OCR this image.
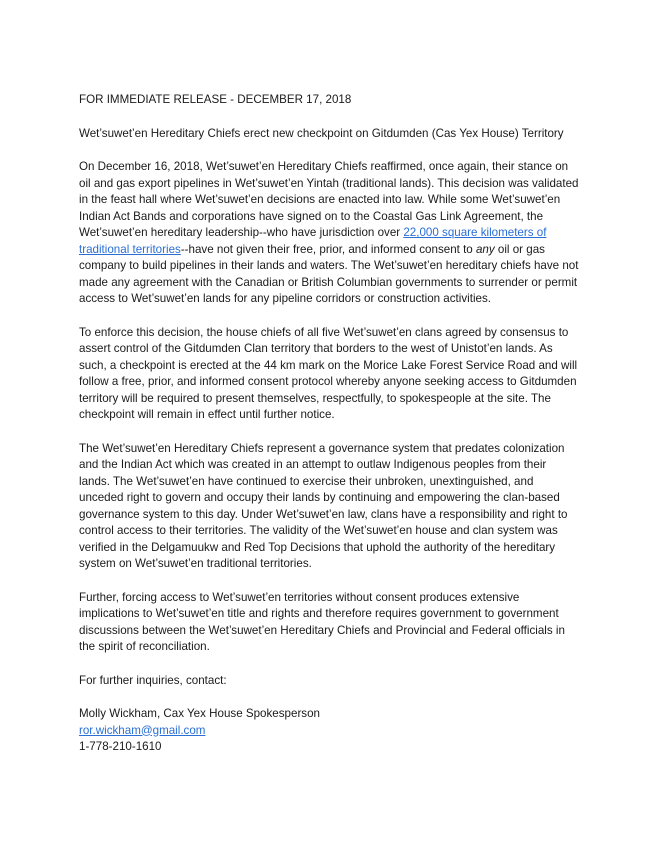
FOR IMMEDIATE RELEASE - DECEMBER 17, 2018

Wet’suwet’en Hereditary Chiefs erect new checkpoint on Gitdumden (Cas Yex House) Territory

On December 16, 2018, Wet’suwet’en Hereditary Chiefs reaffirmed, once again, their stance on oil and gas export pipelines in Wet’suwet’en Yintah (traditional lands). This decision was validated in the feast hall where Wet’suwet’en decisions are enacted into law. While some Wet’suwet’en Indian Act Bands and corporations have signed on to the Coastal Gas Link Agreement, the Wet’suwet’en hereditary leadership--who have jurisdiction over 22,000 square kilometers of traditional territories--have not given their free, prior, and informed consent to any oil or gas company to build pipelines in their lands and waters. The Wet’suwet’en hereditary chiefs have not made any agreement with the Canadian or British Columbian governments to surrender or permit access to Wet’suwet’en lands for any pipeline corridors or construction activities.

To enforce this decision, the house chiefs of all five Wet’suwet’en clans agreed by consensus to assert control of the Gitdumden Clan territory that borders to the west of Unistot’en lands. As such, a checkpoint is erected at the 44 km mark on the Morice Lake Forest Service Road and will follow a free, prior, and informed consent protocol whereby anyone seeking access to Gitdumden territory will be required to present themselves, respectfully, to spokespeople at the site. The checkpoint will remain in effect until further notice.

The Wet’suwet’en Hereditary Chiefs represent a governance system that predates colonization and the Indian Act which was created in an attempt to outlaw Indigenous peoples from their lands. The Wet’suwet’en have continued to exercise their unbroken, unextinguished, and unceded right to govern and occupy their lands by continuing and empowering the clan-based governance system to this day. Under Wet’suwet’en law, clans have a responsibility and right to control access to their territories. The validity of the Wet’suwet’en house and clan system was verified in the Delgamuukw and Red Top Decisions that uphold the authority of the hereditary system on Wet’suwet’en traditional territories.

Further, forcing access to Wet’suwet’en territories without consent produces extensive implications to Wet’suwet’en title and rights and therefore requires government to government discussions between the Wet’suwet’en Hereditary Chiefs and Provincial and Federal officials in the spirit of reconciliation.

For further inquiries, contact:

Molly Wickham, Cax Yex House Spokesperson
ror.wickham@gmail.com
1-778-210-1610
